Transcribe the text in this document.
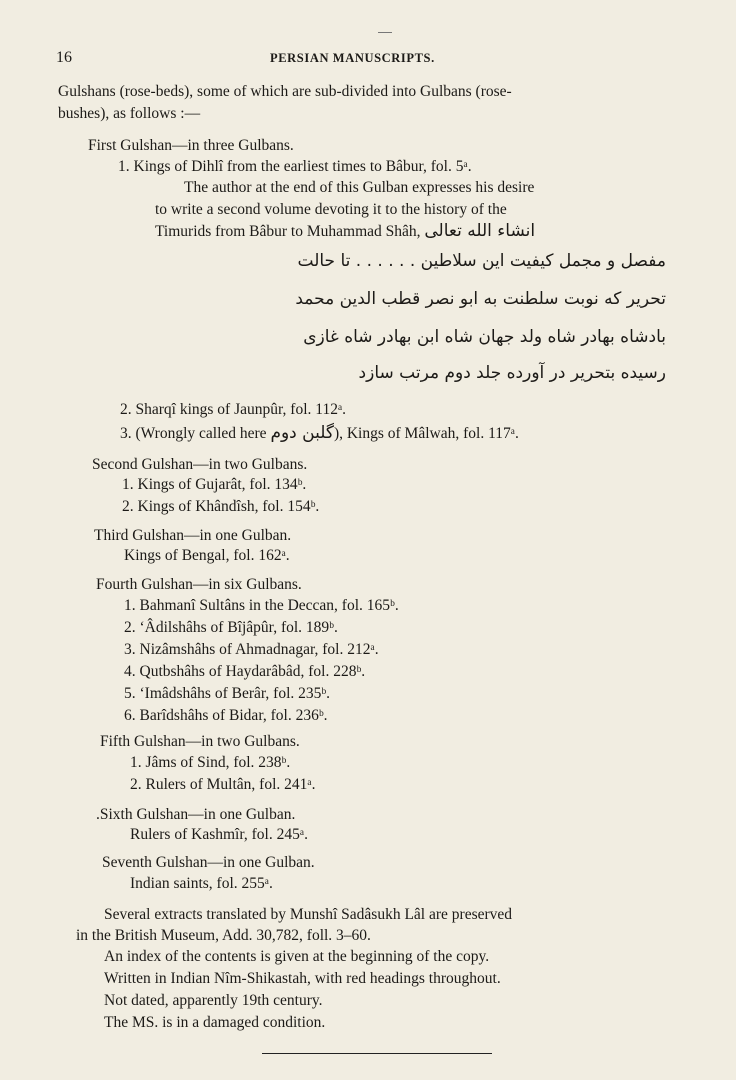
16	PERSIAN MANUSCRIPTS.
Gulshans (rose-beds), some of which are sub-divided into Gulbans (rose-
bushes), as follows :—
First Gulshan—in three Gulbans.
1. Kings of Dihlî from the earliest times to Bâbur, fol. 5ᵃ.
The author at the end of this Gulban expresses his desire
to write a second volume devoting it to the history of the
Timurids from Bâbur to Muhammad Shâh, انشاء الله تعالى
مفصل و مجمل کیفیت این سلاطین . . . . . . تا حالت
تحریر که نوبت سلطنت به ابو نصر قطب الدین محمد
بادشاه بهادر شاه ولد جهان شاه ابن بهادر شاه غازی
رسیده بتحریر در آورده جلد دوم مرتب سازد
2. Sharqî kings of Jaunpûr, fol. 112ᵃ.
3. (Wrongly called here گلبن دوم), Kings of Mâlwah, fol. 117ᵃ.
Second Gulshan—in two Gulbans.
1. Kings of Gujarât, fol. 134ᵇ.
2. Kings of Khândîsh, fol. 154ᵇ.
Third Gulshan—in one Gulban.
Kings of Bengal, fol. 162ᵃ.
Fourth Gulshan—in six Gulbans.
1. Bahmanî Sultâns in the Deccan, fol. 165ᵇ.
2. ʻÂdilshâhs of Bîjâpûr, fol. 189ᵇ.
3. Nizâmshâhs of Ahmadnagar, fol. 212ᵃ.
4. Qutbshâhs of Haydarâbâd, fol. 228ᵇ.
5. ʻImâdshâhs of Berâr, fol. 235ᵇ.
6. Barîdshâhs of Bidar, fol. 236ᵇ.
Fifth Gulshan—in two Gulbans.
1. Jâms of Sind, fol. 238ᵇ.
2. Rulers of Multân, fol. 241ᵃ.
.Sixth Gulshan—in one Gulban.
Rulers of Kashmîr, fol. 245ᵃ.
Seventh Gulshan—in one Gulban.
Indian saints, fol. 255ᵃ.
Several extracts translated by Munshî Sadâsukh Lâl are preserved
in the British Museum, Add. 30,782, foll. 3–60.
An index of the contents is given at the beginning of the copy.
Written in Indian Nîm-Shikastah, with red headings throughout.
Not dated, apparently 19th century.
The MS. is in a damaged condition.
